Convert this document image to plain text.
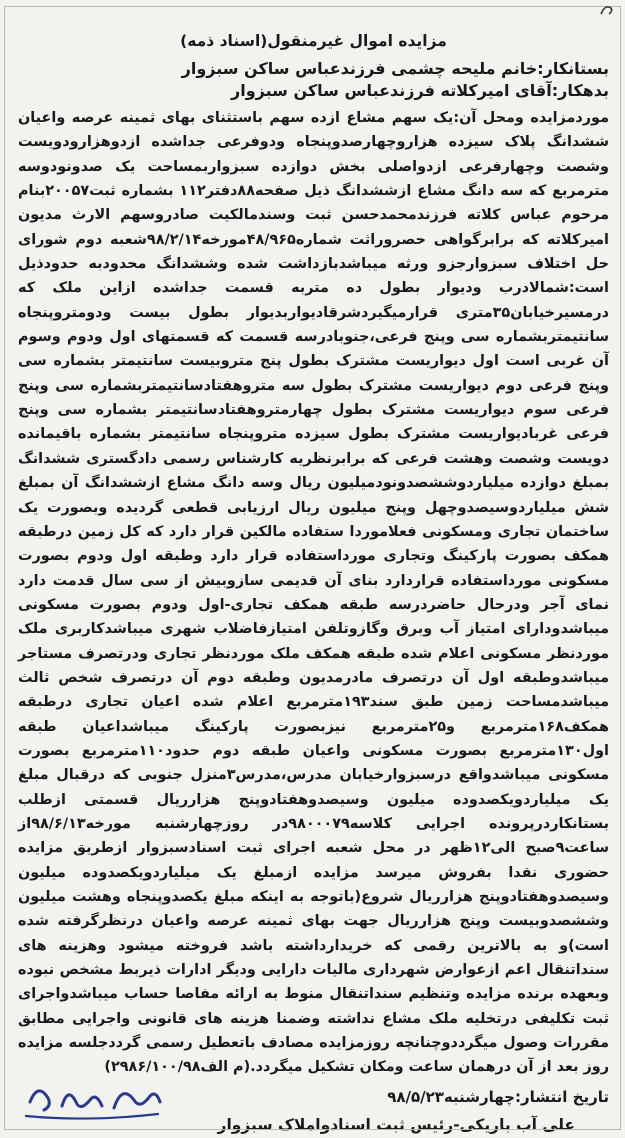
مزایده اموال غیرمنقول(اسناد ذمه)

بستانکار:خانم ملیحه چشمی فرزندعباس ساکن سبزوار

بدهکار:آقای امیرکلاته فرزندعباس ساکن سبزوار

موردمزایده ومحل آن:یک سهم مشاع ازده سهم باستثنای بهای ثمینه عرصه واعیان ششدانگ پلاک سیزده هزاروچهارصدوپنجاه ودوفرعی جداشده ازدوهزارودویست وشصت وچهارفرعی ازدواصلی بخش دوازده سبزواربمساحت یک صدونودوسه مترمربع که سه دانگ مشاع ازششدانگ ذیل صفحه۸۸دفتر۱۱۲ بشماره ثبت۲۰۰۵۷بنام مرحوم عباس کلاته فرزندمحمدحسن ثبت وسندمالکیت صادروسهم الارث مدیون امیرکلاته که برابرگواهی حصروراثت شماره۴۸/۹۶۵مورخه۹۸/۲/۱۴شعبه دوم شورای حل اختلاف سبزوارجزو ورثه میباشدبازداشت شده وششدانگ محدودبه حدودذیل است:شمالادرب وديوار بطول ده متربه قسمت جداشده ازاین ملک که درمسیرخیابان۳۵متری قرارمیگیردشرقادیواربدیوار بطول بیست ودومتروپنجاه سانتیمتربشماره سی وپنج فرعی،جنوبادرسه قسمت که قسمتهای اول ودوم وسوم آن غربی است اول دیواریست مشترک بطول پنج متروبیست سانتیمتر بشماره سی وپنج فرعی دوم دیواریست مشترک بطول سه متروهفتادسانتیمتربشماره سی وپنج فرعی سوم دیواریست مشترک بطول چهارمتروهفتادسانتیمتر بشماره سی وپنج فرعی غربادیواریست مشترک بطول سیزده متروپنجاه سانتیمتر بشماره باقیمانده دویست وشصت وهشت فرعی که برابرنظریه کارشناس رسمی دادگستری ششدانگ بمبلغ دوازده میلیاردوششصدونودمیلیون ریال وسه دانگ مشاع ازششدانگ آن بمبلغ شش میلیاردوسیصدوچهل وپنج میلیون ریال ارزیابی قطعی گردیده وبصورت یک ساختمان تجاری ومسکونی فعلاموردا ستفاده مالکین قرار دارد که کل زمین درطبقه همکف بصورت پارکینگ وتجاری مورداستفاده قرار دارد وطبقه اول ودوم بصورت مسکونی مورداستفاده قراردارد بنای آن قدیمی سازوبیش از سی سال قدمت دارد نمای آجر ودرحال حاضردرسه طبقه همکف تجاری-اول ودوم بصورت مسکونی میباشدودارای امتیاز آب وبرق وگازوتلفن امتیازفاضلاب شهری میباشدکاربری ملک موردنظر مسکونی اعلام شده طبقه همکف ملک موردنظر تجاری ودرتصرف مستاجر میباشدوطبقه اول آن درتصرف مادرمدیون وطبقه دوم آن درتصرف شخص ثالث میباشدمساحت زمین طبق سند۱۹۳مترمربع اعلام شده اعیان تجاری درطبقه همکف۱۶۸مترمربع و۲۵مترمربع نیزبصورت پارکینگ میباشداعیان طبقه اول۱۳۰مترمربع بصورت مسکونی واعیان طبقه دوم حدود۱۱۰مترمربع بصورت مسکونی میباشدواقع درسبزوارخیابان مدرس،مدرس۳منزل جنوبی که درقبال مبلغ یک میلیاردویکصدوده میلیون وسیصدوهفتادوپنج هزارریال قسمتی ازطلب بستانکاردرپرونده اجرایی کلاسه۹۸۰۰۰۷۹در روزچهارشنبه مورخه۹۸/۶/۱۳از ساعت۹صبح الی۱۲ظهر در محل شعبه اجرای ثبت اسنادسبزوار ازطریق مزایده حضوری نقدا بفروش میرسد مزایده ازمبلغ یک میلیاردویکصدوده میلیون وسیصدوهفتادوپنج هزارریال شروع(باتوجه به اینکه مبلغ یکصدوپنجاه وهشت میلیون وششصدوبیست وپنج هزارریال جهت بهای ثمینه عرصه واعیان درنظرگرفته شده است)و به بالاترین رقمی که خریدارداشته باشد فروخته میشود وهزینه های سنداتنقال اعم ازعوارض شهرداری مالیات دارایی ودیگر ادارات ذیربط مشخص نبوده وبعهده برنده مزایده وتنظیم سنداتنقال منوط به ارائه مفاصا حساب میباشدواجرای ثبت تکلیفی درتخلیه ملک مشاع نداشته وضمنا هزینه های قانونی واجرایی مطابق مقررات وصول میگرددوچنانچه روزمزایده مصادف باتعطیل رسمی گرددجلسه مزایده روز بعد از آن درهمان ساعت ومکان تشکیل میگردد.(م الف۲۹۸۶/۱۰۰/۹۸)

تاریخ انتشار:چهارشنبه۹۸/۵/۲۳

علی آب باریکی-رئیس ثبت اسنادواملاک سبزوار
